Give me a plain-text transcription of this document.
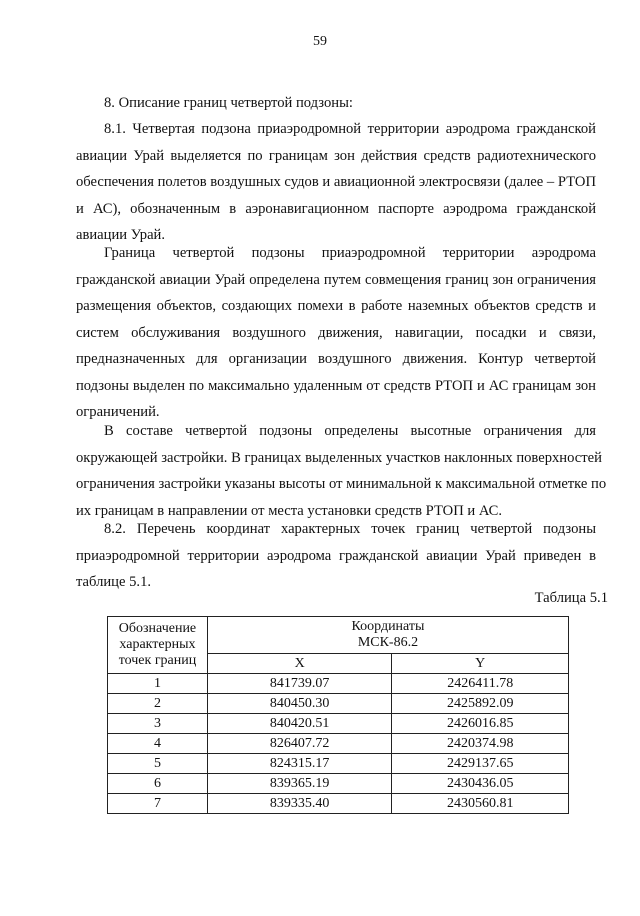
59

8. Описание границ четвертой подзоны:

8.1. Четвертая подзона приаэродромной территории аэродрома гражданской
авиации Урай выделяется по границам зон действия средств радиотехнического
обеспечения полетов воздушных судов и авиационной электросвязи (далее – РТОП
и АС), обозначенным в аэронавигационном паспорте аэродрома гражданской
авиации Урай.
Граница четвертой подзоны приаэродромной территории аэродрома
гражданской авиации Урай определена путем совмещения границ зон ограничения
размещения объектов, создающих помехи в работе наземных объектов средств и
систем обслуживания воздушного движения, навигации, посадки и связи,
предназначенных для организации воздушного движения. Контур четвертой
подзоны выделен по максимально удаленным от средств РТОП и АС границам зон
ограничений.
В составе четвертой подзоны определены высотные ограничения для
окружающей застройки. В границах выделенных участков наклонных поверхностей
ограничения застройки указаны высоты от минимальной к максимальной отметке по
их границам в направлении от места установки средств РТОП и АС.
8.2. Перечень координат характерных точек границ четвертой подзоны
приаэродромной территории аэродрома гражданской авиации Урай приведен в
таблице 5.1.
Таблица 5.1
Обозначение характерных точек границ	Координаты
МСК-86.2	

	X	Y
1	841739.07	2426411.78
2	840450.30	2425892.09
3	840420.51	2426016.85
4	826407.72	2420374.98
5	824315.17	2429137.65
6	839365.19	2430436.05
7	839335.40	2430560.81
